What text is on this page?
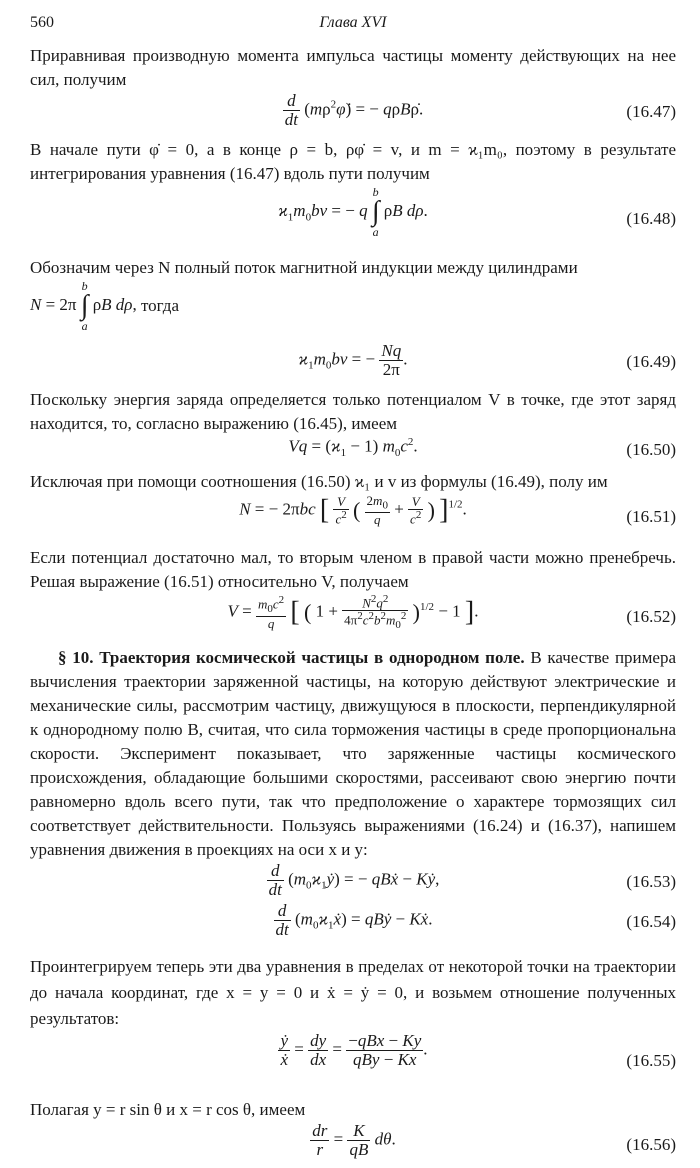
560	Глава XVI

Приравнивая производную момента импульса частицы моменту действующих на нее сил, получим

$\frac{d}{dt}$ $(m\rho^2\varphi̇)$ = − qρBρ̇.	(16.47)

В начале пути φ̇ = 0, а в конце ρ = b, ρφ̇ = v, и m = ϰ₁m₀, поэтому в результате интегрирования уравнения (16.47) вдоль пути получим

$ϰ_1m_0bv$ = − q
b
∫
a
ρB dρ.	(16.48)

Обозначим через N полный поток магнитной индукции между цилиндрами

N = 2π
b
∫
a
ρB dρ, тогда
$ϰ_1m_0bv$ = − $\frac{Nq}{2\pi}$ .	(16.49)

Поскольку энергия заряда определяется только потенциалом V в точке, где этот заряд находится, то, согласно выражению (16.45), имеем

$Vq = (ϰ_1 - 1)$ $m_0c^2$.	(16.50)

Исключая при помощи соотношения (16.50) ϰ₁ и v из формулы (16.49), полу им

N = − 2πbc [ $\frac{V}{c^2}$ ( $\frac{2m_0}{q} + \frac{V}{c^2}$ ) ]$^{1/2}$.	(16.51)

Если потенциал достаточно мал, то вторым членом в правой части можно пренебречь. Решая выражение (16.51) относительно V, получаем

$V = \frac{m_0c^2}{q}$ [ ( $1 + \frac{N^2q^2}{4\pi^2c^2b^2m_0^2} )^{1/2} - 1$ ].	(16.52)

§ 10. Траектория космической частицы в однородном поле. В качестве примера вычисления траектории заряженной частицы, на которую действуют электрические и механические силы, рассмотрим частицу, движущуюся в плоскости, перпендикулярной к однородному полю B, считая, что сила торможения частицы в среде пропорциональна скорости. Эксперимент показывает, что заряженные частицы космического происхождения, обладающие большими скоростями, рассеивают свою энергию почти равномерно вдоль всего пути, так что предположение о характере тормозящих сил соответствует действительности. Пользуясь выражениями (16.24) и (16.37), напишем уравнения движения в проекциях на оси x и y:

$\frac{d}{dt}$ $(m_0ϰ_1ẏ)$ = − qBẋ − Kẏ,	(16.53)
$\frac{d}{dt}$ $(m_0ϰ_1ẋ)$ = qBẏ − Kẋ.	(16.54)

Проинтегрируем теперь эти два уравнения в пределах от некоторой точки на траектории до начала координат, где x = y = 0 и ẋ = ẏ = 0, и возьмем отношение полученных результатов:

$\frac{\text{ẏ}}{\text{ẋ}} = \frac{dy}{dx} = \frac{\text{−qBx − Ky}}{\text{qBy − Kx}}$ .
(16.55)

Полагая y = r sin θ и x = r cos θ, имеем

$\frac{dr}{r} = \frac{K}{qB} d\theta$.	(16.56)
